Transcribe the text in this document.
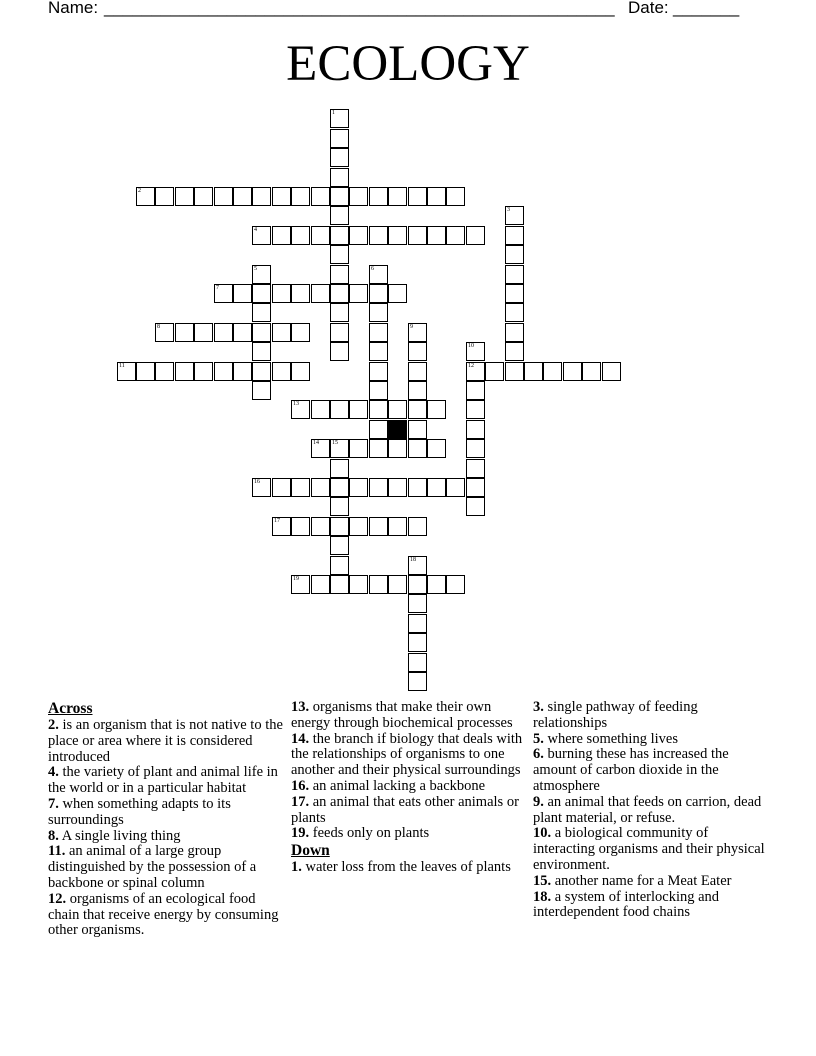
Name: ______________________________________________________ Date: _______
ECOLOGY
1
2
3
4
5	6
7
8	9
10
12
11
13
14 15
16
17
18
19
Across
2. is an organism that is not native to the place or area where it is considered introduced
4. the variety of plant and animal life in the world or in a particular habitat
7. when something adapts to its surroundings
8. A single living thing
11. an animal of a large group distinguished by the possession of a backbone or spinal column
12. organisms of an ecological food chain that receive energy by consuming other organisms.
13. organisms that make their own energy through biochemical processes
14. the branch if biology that deals with the relationships of organisms to one another and their physical surroundings
16. an animal lacking a backbone
17. an animal that eats other animals or plants
19. feeds only on plants
Down
1. water loss from the leaves of plants
3. single pathway of feeding relationships
5. where something lives
6. burning these has increased the amount of carbon dioxide in the atmosphere
9. an animal that feeds on carrion, dead plant material, or refuse.
10. a biological community of interacting organisms and their physical environment.
15. another name for a Meat Eater
18. a system of interlocking and interdependent food chains
